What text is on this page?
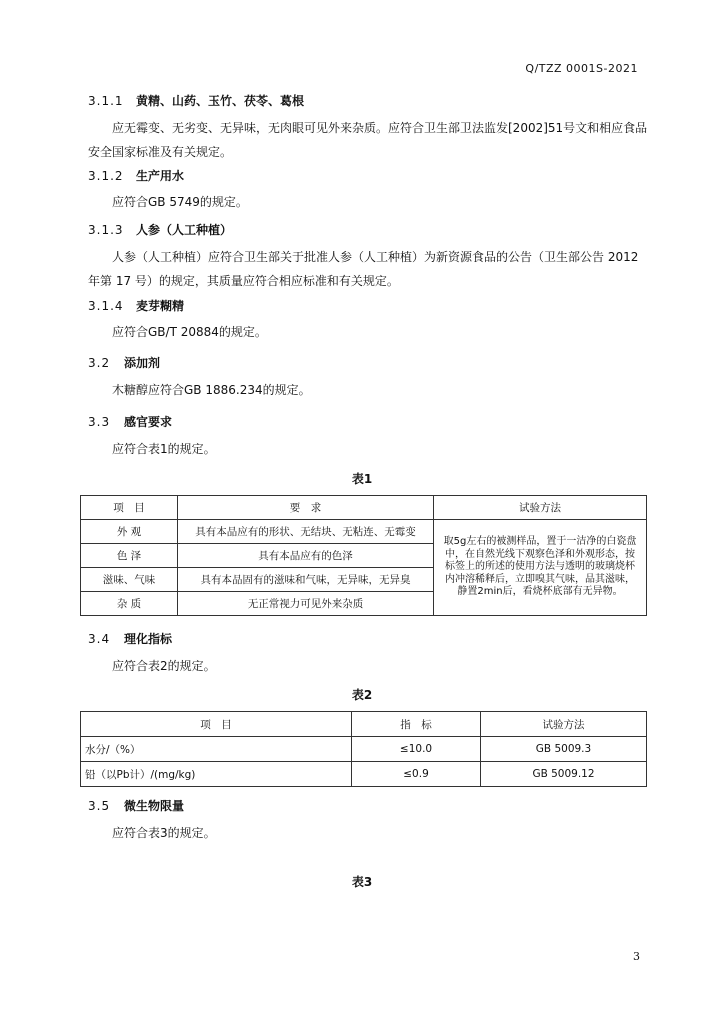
Q/TZZ 0001S-2021
3.1.1 黄精、山药、玉竹、茯苓、葛根
应无霉变、无劣变、无异味，无肉眼可见外来杂质。应符合卫生部卫法监发[2002]51号文和相应食品安全国家标准及有关规定。
3.1.2 生产用水
应符合GB 5749的规定。
3.1.3 人参（人工种植）
人参（人工种植）应符合卫生部关于批准人参（人工种植）为新资源食品的公告（卫生部公告 2012 年第 17 号）的规定，其质量应符合相应标准和有关规定。
3.1.4 麦芽糊精
应符合GB/T 20884的规定。
3.2 添加剂
木糖醇应符合GB 1886.234的规定。
3.3 感官要求
应符合表1的规定。
表1
项　目	要　求	试验方法
外 观	具有本品应有的形状、无结块、无粘连、无霉变	取5g左右的被测样品，置于一洁净的白瓷盘中，在自然光线下观察色泽和外观形态，按标签上的所述的使用方法与透明的玻璃烧杯内冲溶稀释后，立即嗅其气味，品其滋味，静置2min后，看烧杯底部有无异物。
色 泽	具有本品应有的色泽	
滋味、气味	具有本品固有的滋味和气味，无异味，无异臭	
杂 质	无正常视力可见外来杂质	
3.4 理化指标
应符合表2的规定。
表2
项　目	指　标	试验方法
水分/（%）	≤10.0	GB 5009.3
铅（以Pb计）/(mg/kg)	≤0.9	GB 5009.12
3.5 微生物限量
应符合表3的规定。
表3
3
